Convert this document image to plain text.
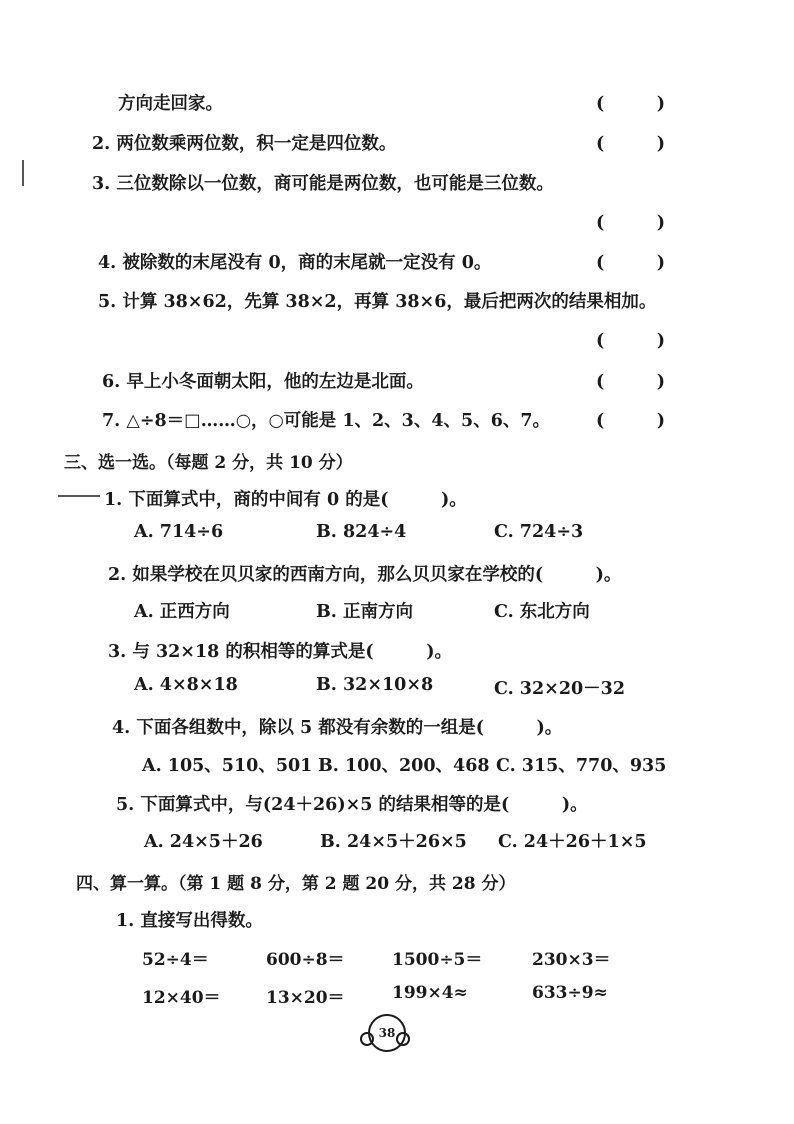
方向走回家。	(　　　)
2. 两位数乘两位数，积一定是四位数。	(　　　)
3. 三位数除以一位数，商可能是两位数，也可能是三位数。
(　　　)
4. 被除数的末尾没有 0，商的末尾就一定没有 0。	(　　　)
5. 计算 38×62，先算 38×2，再算 38×6，最后把两次的结果相加。
(　　　)
6. 早上小冬面朝太阳，他的左边是北面。	(　　　)
7. △÷8＝□……○，○可能是 1、2、3、4、5、6、7。	(　　　)
三、选一选。（每题 2 分，共 10 分）
1. 下面算式中，商的中间有 0 的是(　　　)。
A. 714÷6	B. 824÷4	C. 724÷3
2. 如果学校在贝贝家的西南方向，那么贝贝家在学校的(　　　)。
A. 正西方向	B. 正南方向	C. 东北方向
3. 与 32×18 的积相等的算式是(　　　)。
A. 4×8×18	B. 32×10×8	C. 32×20－32
4. 下面各组数中，除以 5 都没有余数的一组是(　　　)。
A. 105、510、501 B. 100、200、468 C. 315、770、935
5. 下面算式中，与(24＋26)×5 的结果相等的是(　　　)。
A. 24×5＋26	B. 24×5＋26×5 C. 24＋26＋1×5
四、算一算。（第 1 题 8 分，第 2 题 20 分，共 28 分）
1. 直接写出得数。
52÷4＝	600÷8＝	1500÷5＝	230×3＝
12×40＝	13×20＝	199×4≈	633÷9≈
38
